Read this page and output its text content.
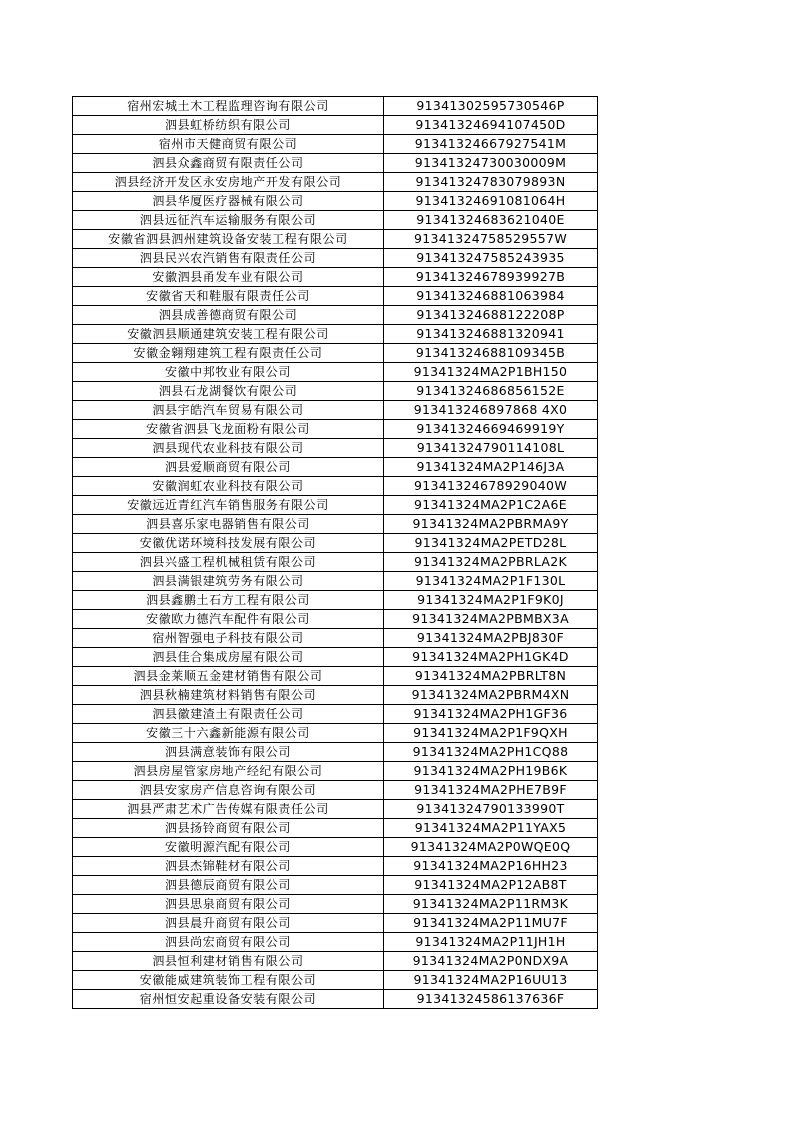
宿州宏城土木工程监理咨询有限公司	91341302595730546P
泗县虹桥纺织有限公司	91341324694107450D
宿州市天健商贸有限公司	91341324667927541M
泗县众鑫商贸有限责任公司	91341324730030009M
泗县经济开发区永安房地产开发有限公司	91341324783079893N
泗县华厦医疗器械有限公司	91341324691081064H
泗县远征汽车运输服务有限公司	91341324683621040E
安徽省泗县泗州建筑设备安装工程有限公司	91341324758529557W
泗县民兴农汽销售有限责任公司	913413247585243935
安徽泗县甬发车业有限公司	91341324678939927B
安徽省天和鞋服有限责任公司	913413246881063984
泗县成善德商贸有限公司	91341324688122208P
安徽泗县顺通建筑安装工程有限公司	913413246881320941
安徽金翱翔建筑工程有限责任公司	91341324688109345B
安徽中邦牧业有限公司	91341324MA2P1BH150
泗县石龙湖餐饮有限公司	91341324686856152E
泗县宇皓汽车贸易有限公司	913413246897868 4X0
安徽省泗县飞龙面粉有限公司	91341324669469919Y
泗县现代农业科技有限公司	91341324790114108L
泗县爱顺商贸有限公司	91341324MA2P146J3A
安徽润虹农业科技有限公司	91341324678929040W
安徽远近青红汽车销售服务有限公司	91341324MA2P1C2A6E
泗县喜乐家电器销售有限公司	91341324MA2PBRMA9Y
安徽优诺环境科技发展有限公司	91341324MA2PETD28L
泗县兴盛工程机械租赁有限公司	91341324MA2PBRLA2K
泗县满银建筑劳务有限公司	91341324MA2P1F130L
泗县鑫鹏土石方工程有限公司	91341324MA2P1F9K0J
安徽欧力德汽车配件有限公司	91341324MA2PBMBX3A
宿州智强电子科技有限公司	91341324MA2PBJ830F
泗县佳合集成房屋有限公司	91341324MA2PH1GK4D
泗县金莱顺五金建材销售有限公司	91341324MA2PBRLT8N
泗县秋楠建筑材料销售有限公司	91341324MA2PBRM4XN
泗县徽建渣土有限责任公司	91341324MA2PH1GF36
安徽三十六鑫新能源有限公司	91341324MA2P1F9QXH
泗县满意装饰有限公司	91341324MA2PH1CQ88
泗县房屋管家房地产经纪有限公司	91341324MA2PH19B6K
泗县安家房产信息咨询有限公司	91341324MA2PHE7B9F
泗县严肃艺术广告传媒有限责任公司	91341324790133990T
泗县扬铃商贸有限公司	91341324MA2P11YAX5
安徽明源汽配有限公司	91341324MA2P0WQE0Q
泗县杰锦鞋材有限公司	91341324MA2P16HH23
泗县德辰商贸有限公司	91341324MA2P12AB8T
泗县思泉商贸有限公司	91341324MA2P11RM3K
泗县晨升商贸有限公司	91341324MA2P11MU7F
泗县尚宏商贸有限公司	91341324MA2P11JH1H
泗县恒利建材销售有限公司	91341324MA2P0NDX9A
安徽能威建筑装饰工程有限公司	91341324MA2P16UU13
宿州恒安起重设备安装有限公司	91341324586137636F
